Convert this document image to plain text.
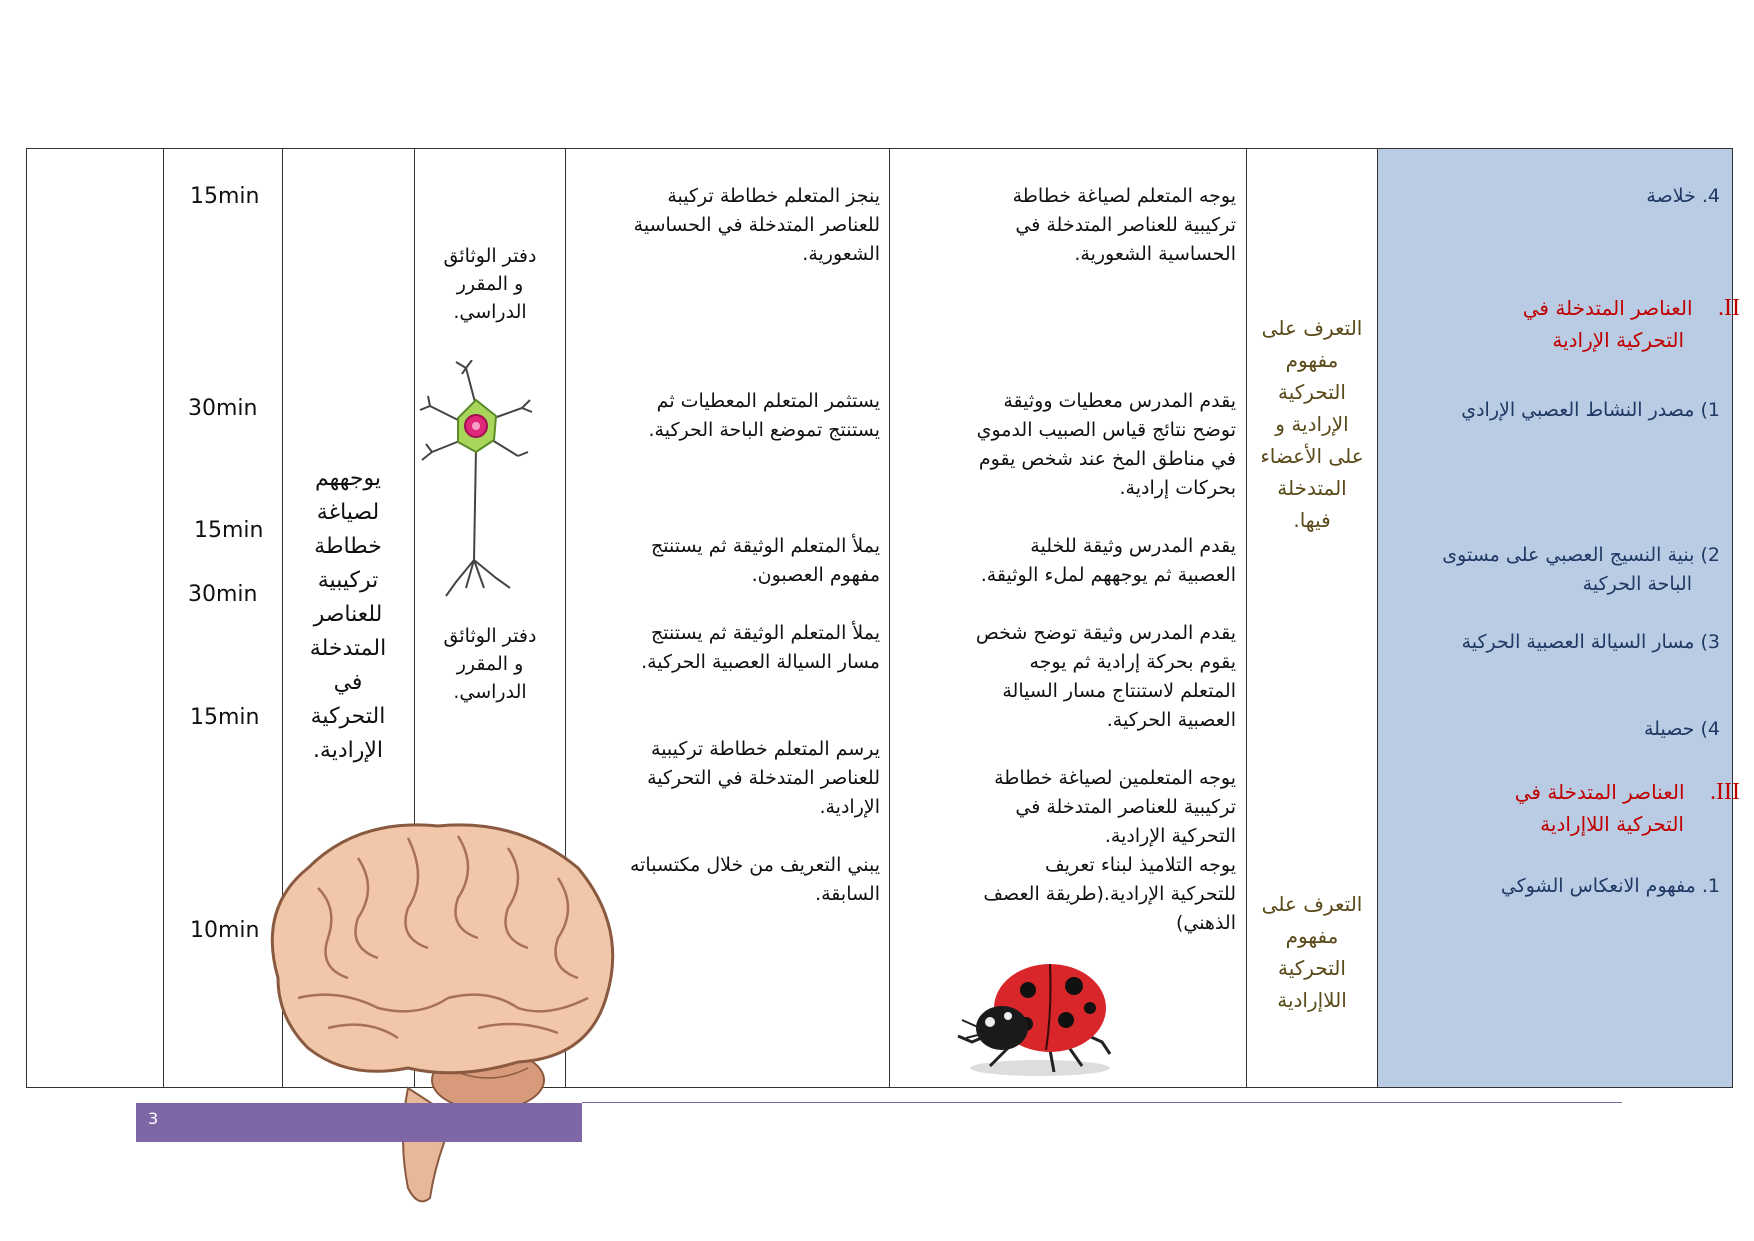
4. خلاصة
II.    العناصر المتدخلة في
التحركية الإرادية
1) مصدر النشاط العصبي الإرادي
2) بنية النسيج العصبي على مستوى
الباحة الحركية
3) مسار السيالة العصبية الحركية
4) حصيلة
III.    العناصر المتدخلة في
التحركية اللاإرادية
1. مفهوم الانعكاس الشوكي
التعرف على مفهوم التحركية الإرادية و على الأعضاء المتدخلة فيها.
التعرف على مفهوم التحركية اللاإرادية
يوجه المتعلم لصياغة خطاطة
تركيبية للعناصر المتدخلة في
الحساسية الشعورية.
يقدم المدرس معطيات ووثيقة
توضح نتائج قياس الصبيب الدموي
في مناطق المخ عند شخص يقوم
بحركات إرادية.
يقدم المدرس وثيقة للخلية
العصبية ثم يوجههم لملء الوثيقة.
يقدم المدرس وثيقة توضح شخص
يقوم بحركة إرادية ثم يوجه
المتعلم لاستنتاج مسار السيالة
العصبية الحركية.
يوجه المتعلمين لصياغة خطاطة
تركيبية للعناصر المتدخلة في
التحركية الإرادية.
يوجه التلاميذ لبناء تعريف
للتحركية الإرادية.(طريقة العصف
الذهني)
ينجز المتعلم خطاطة تركيبة
للعناصر المتدخلة في الحساسية
الشعورية.
يستثمر المتعلم المعطيات ثم
يستنتج تموضع الباحة الحركية.
يملأ المتعلم الوثيقة ثم يستنتج
مفهوم العصبون.
يملأ المتعلم الوثيقة ثم يستنتج
مسار السيالة العصبية الحركية.
يرسم المتعلم خطاطة تركيبية
للعناصر المتدخلة في التحركية
الإرادية.
يبني التعريف من خلال مكتسباته
السابقة.
دفتر الوثائق
و المقرر
الدراسي.
دفتر الوثائق
و المقرر
الدراسي.
يوجههم
لصياغة
خطاطة
تركيبية
للعناصر
المتدخلة
في
التحركية
الإرادية.
15min
30min
15min
30min
15min
10min
3
